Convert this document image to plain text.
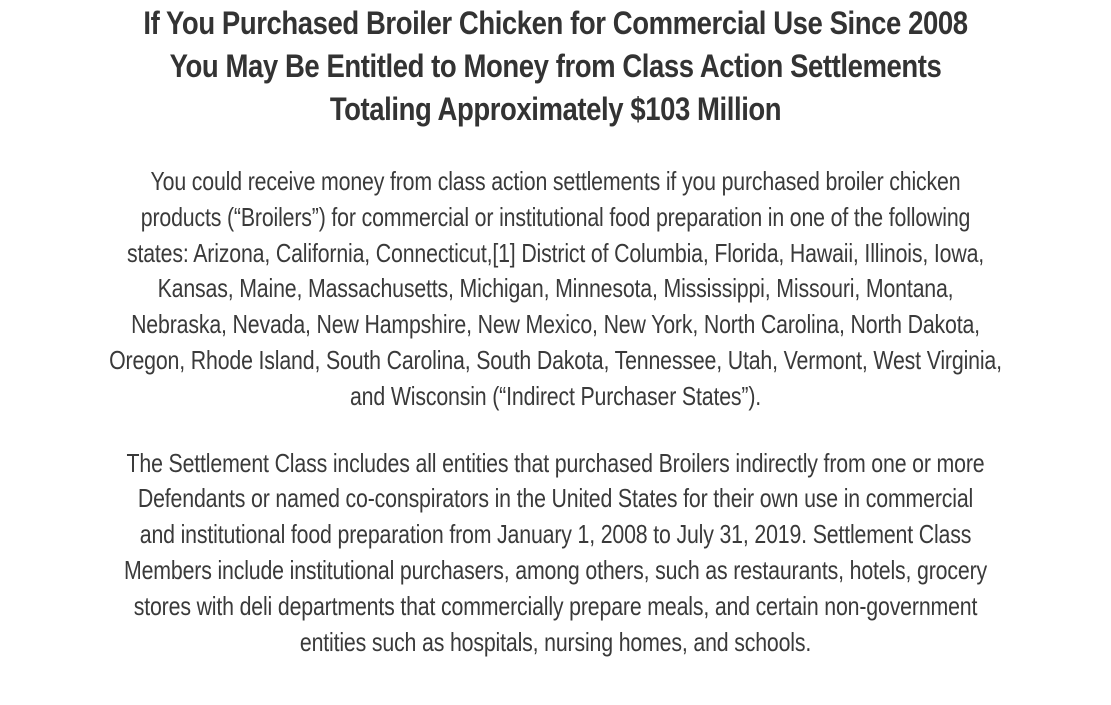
If You Purchased Broiler Chicken for Commercial Use Since 2008
You May Be Entitled to Money from Class Action Settlements
Totaling Approximately $103 Million

You could receive money from class action settlements if you purchased broiler chicken
products (“Broilers”) for commercial or institutional food preparation in one of the following
states: Arizona, California, Connecticut,[1] District of Columbia, Florida, Hawaii, Illinois, Iowa,
Kansas, Maine, Massachusetts, Michigan, Minnesota, Mississippi, Missouri, Montana,
Nebraska, Nevada, New Hampshire, New Mexico, New York, North Carolina, North Dakota,
Oregon, Rhode Island, South Carolina, South Dakota, Tennessee, Utah, Vermont, West Virginia,
and Wisconsin (“Indirect Purchaser States”).

The Settlement Class includes all entities that purchased Broilers indirectly from one or more
Defendants or named co-conspirators in the United States for their own use in commercial
and institutional food preparation from January 1, 2008 to July 31, 2019. Settlement Class
Members include institutional purchasers, among others, such as restaurants, hotels, grocery
stores with deli departments that commercially prepare meals, and certain non-government
entities such as hospitals, nursing homes, and schools.
